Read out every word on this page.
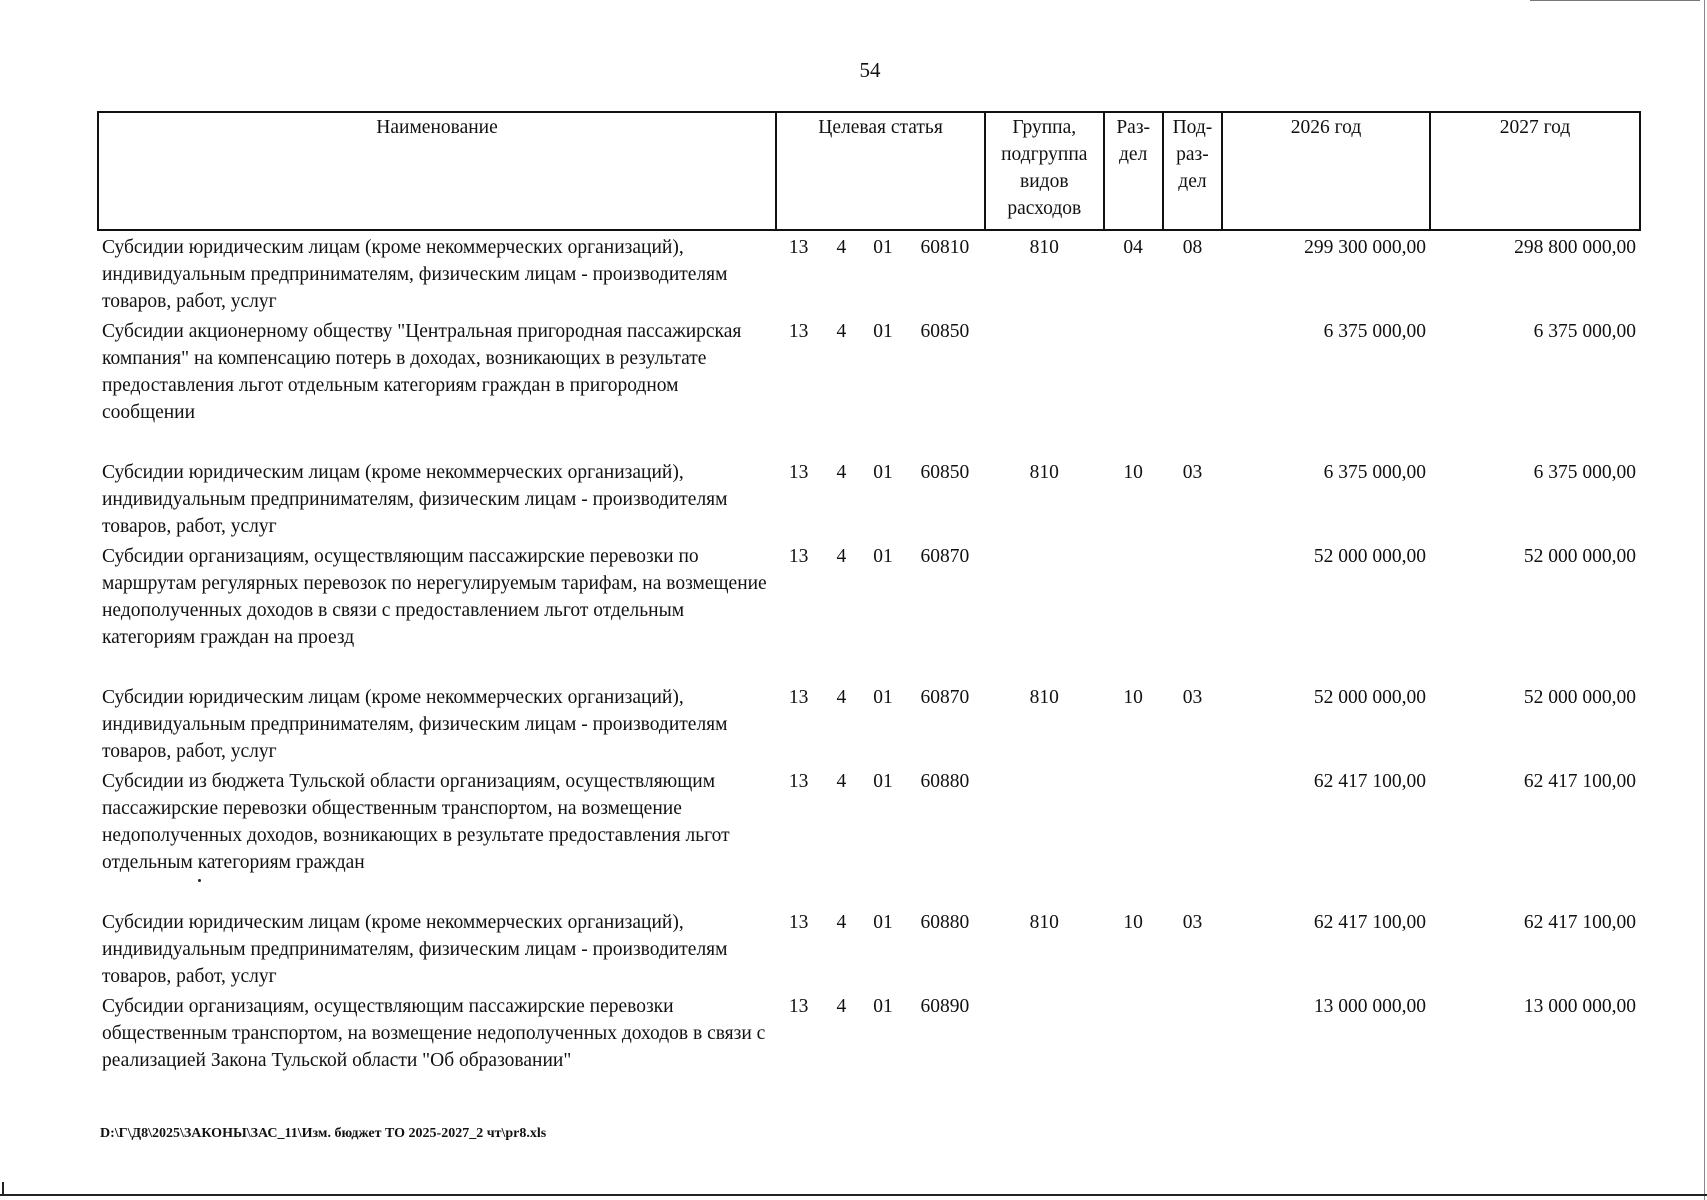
54
Наименование	Целевая статья				Группа, подгруппа видов расходов	Раз-дел	Под-раз-дел	2026 год	2027 год
Субсидии юридическим лицам (кроме некоммерческих организаций), индивидуальным предпринимателям, физическим лицам - производителям товаров, работ, услуг	13	4	01	60810	810	04	08	299 300 000,00	298 800 000,00
Субсидии акционерному обществу "Центральная пригородная пассажирская компания" на компенсацию потерь в доходах, возникающих в результате предоставления льгот отдельным категориям граждан в пригородном сообщении	13	4	01	60850				6 375 000,00	6 375 000,00
Субсидии юридическим лицам (кроме некоммерческих организаций), индивидуальным предпринимателям, физическим лицам - производителям товаров, работ, услуг	13	4	01	60850	810	10	03	6 375 000,00	6 375 000,00
Субсидии организациям, осуществляющим пассажирские перевозки по маршрутам регулярных перевозок по нерегулируемым тарифам, на возмещение недополученных доходов в связи с предоставлением льгот отдельным категориям граждан на проезд	13	4	01	60870				52 000 000,00	52 000 000,00
Субсидии юридическим лицам (кроме некоммерческих организаций), индивидуальным предпринимателям, физическим лицам - производителям товаров, работ, услуг	13	4	01	60870	810	10	03	52 000 000,00	52 000 000,00
Субсидии из бюджета Тульской области организациям, осуществляющим пассажирские перевозки общественным транспортом, на возмещение недополученных доходов, возникающих в результате предоставления льгот отдельным категориям граждан	13	4	01	60880				62 417 100,00	62 417 100,00
Субсидии юридическим лицам (кроме некоммерческих организаций), индивидуальным предпринимателям, физическим лицам - производителям товаров, работ, услуг	13	4	01	60880	810	10	03	62 417 100,00	62 417 100,00
Субсидии организациям, осуществляющим пассажирские перевозки общественным транспортом, на возмещение недополученных доходов в связи с реализацией Закона Тульской области "Об образовании"	13	4	01	60890				13 000 000,00	13 000 000,00
D:\Г\Д8\2025\ЗАКОНЫ\ЗАС_11\Изм. бюджет ТО 2025-2027_2 чт\pr8.xls
